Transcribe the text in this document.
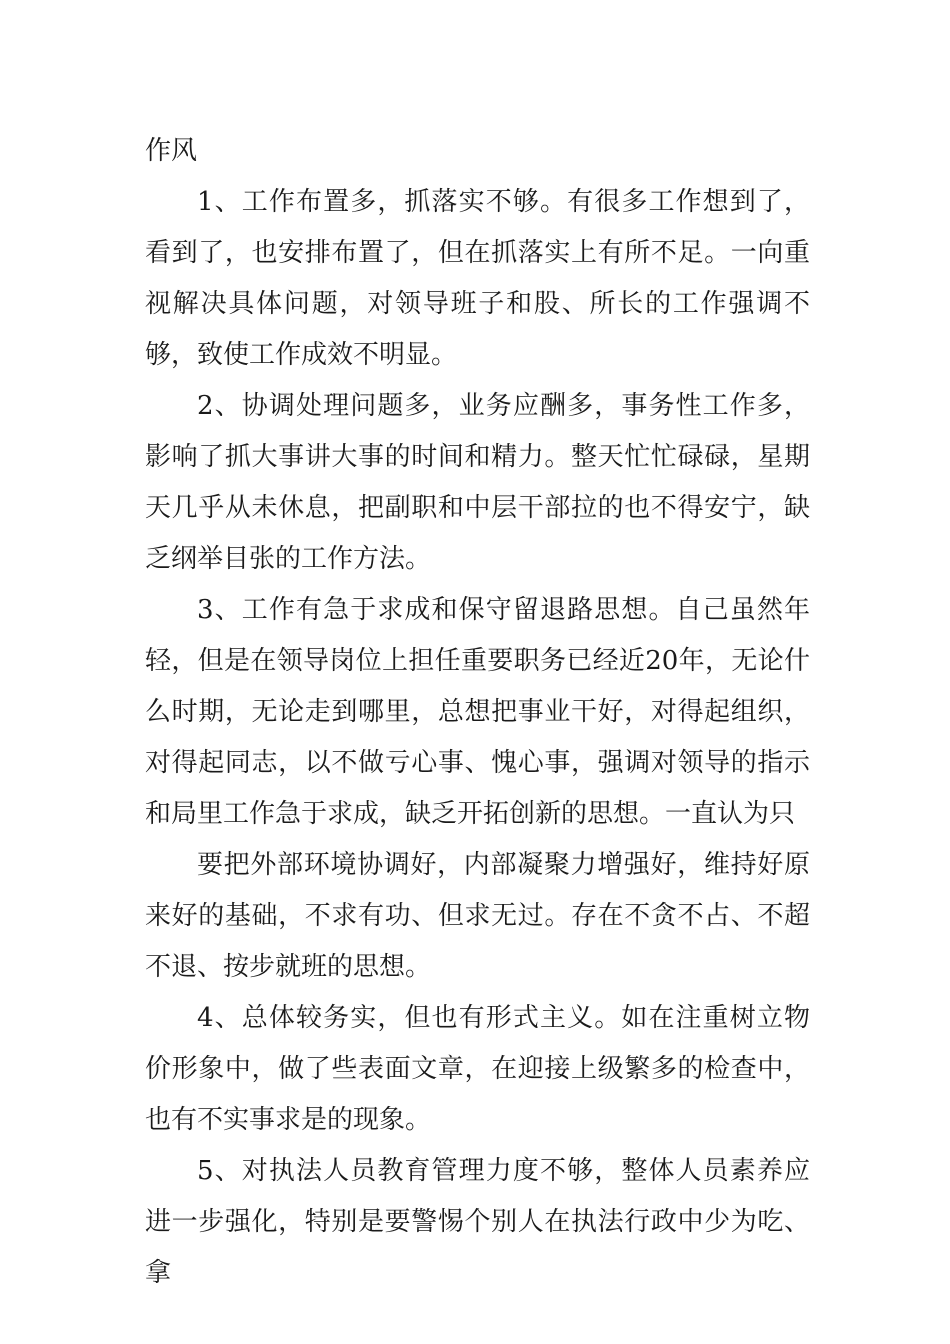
作风

1、工作布置多，抓落实不够。有很多工作想到了，看到了，也安排布置了，但在抓落实上有所不足。一向重视解决具体问题，对领导班子和股、所长的工作强调不够，致使工作成效不明显。

2、协调处理问题多，业务应酬多，事务性工作多，影响了抓大事讲大事的时间和精力。整天忙忙碌碌，星期天几乎从未休息，把副职和中层干部拉的也不得安宁，缺乏纲举目张的工作方法。

3、工作有急于求成和保守留退路思想。自己虽然年轻，但是在领导岗位上担任重要职务已经近20年，无论什么时期，无论走到哪里，总想把事业干好，对得起组织，对得起同志，以不做亏心事、愧心事，强调对领导的指示和局里工作急于求成，缺乏开拓创新的思想。一直认为只

要把外部环境协调好，内部凝聚力增强好，维持好原来好的基础，不求有功、但求无过。存在不贪不占、不超不退、按步就班的思想。

4、总体较务实，但也有形式主义。如在注重树立物价形象中，做了些表面文章，在迎接上级繁多的检查中，也有不实事求是的现象。

5、对执法人员教育管理力度不够，整体人员素养应进一步强化，特别是要警惕个别人在执法行政中少为吃、拿
